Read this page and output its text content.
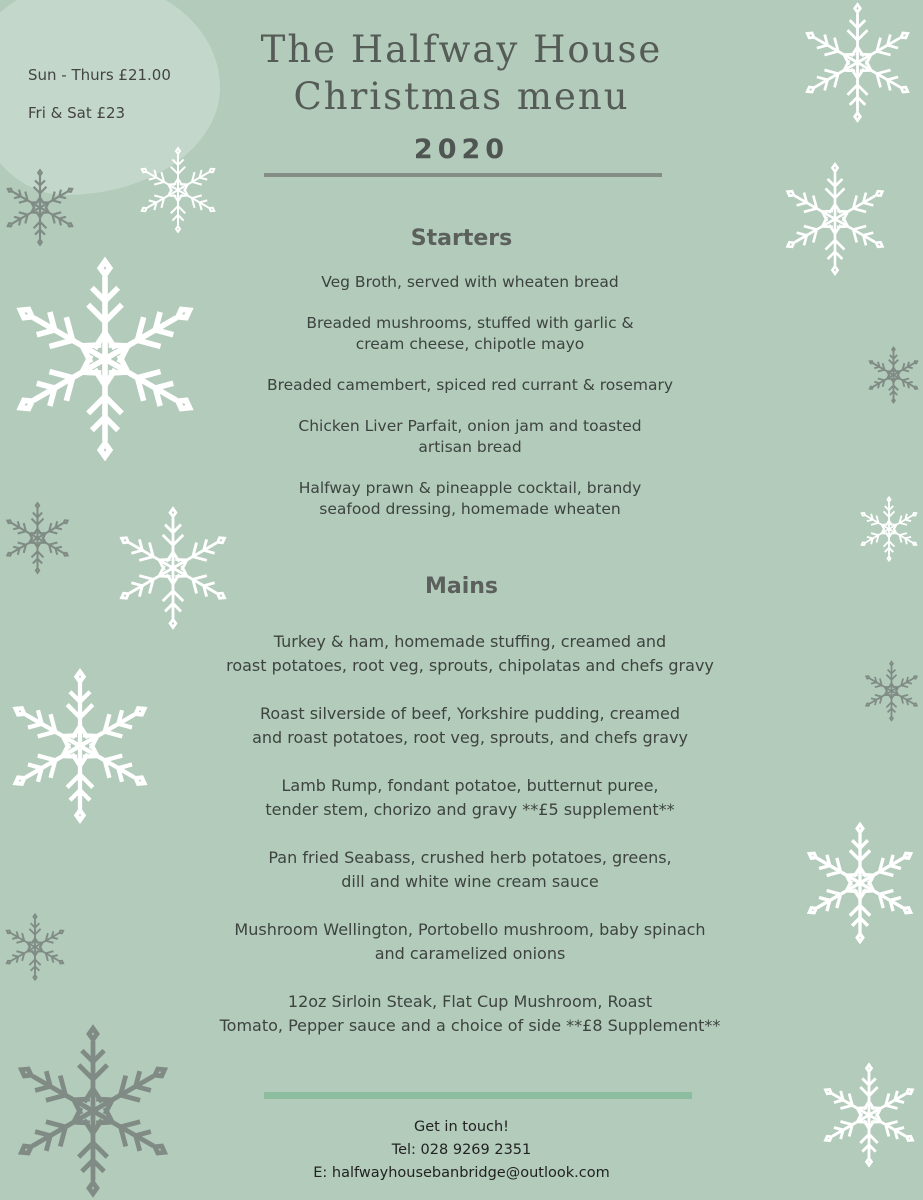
Sun - Thurs £21.00
Fri & Sat £23
The Halfway House
Christmas menu
2020
Starters
Veg Broth, served with wheaten bread

Breaded mushrooms, stuffed with garlic &
cream cheese, chipotle mayo
Breaded camembert, spiced red currant & rosemary

Chicken Liver Parfait, onion jam and toasted
artisan bread
Halfway prawn & pineapple cocktail, brandy
seafood dressing, homemade wheaten
Mains
Turkey & ham, homemade stuffing, creamed and
roast potatoes, root veg, sprouts, chipolatas and chefs gravy
Roast silverside of beef, Yorkshire pudding, creamed
and roast potatoes, root veg, sprouts, and chefs gravy
Lamb Rump, fondant potatoe, butternut puree,
tender stem, chorizo and gravy **£5 supplement**
Pan fried Seabass, crushed herb potatoes, greens,
dill and white wine cream sauce
Mushroom Wellington, Portobello mushroom, baby spinach
and caramelized onions
12oz Sirloin Steak, Flat Cup Mushroom, Roast
Tomato, Pepper sauce and a choice of side **£8 Supplement**
Get in touch!
Tel: 028 9269 2351
E: halfwayhousebanbridge@outlook.com
